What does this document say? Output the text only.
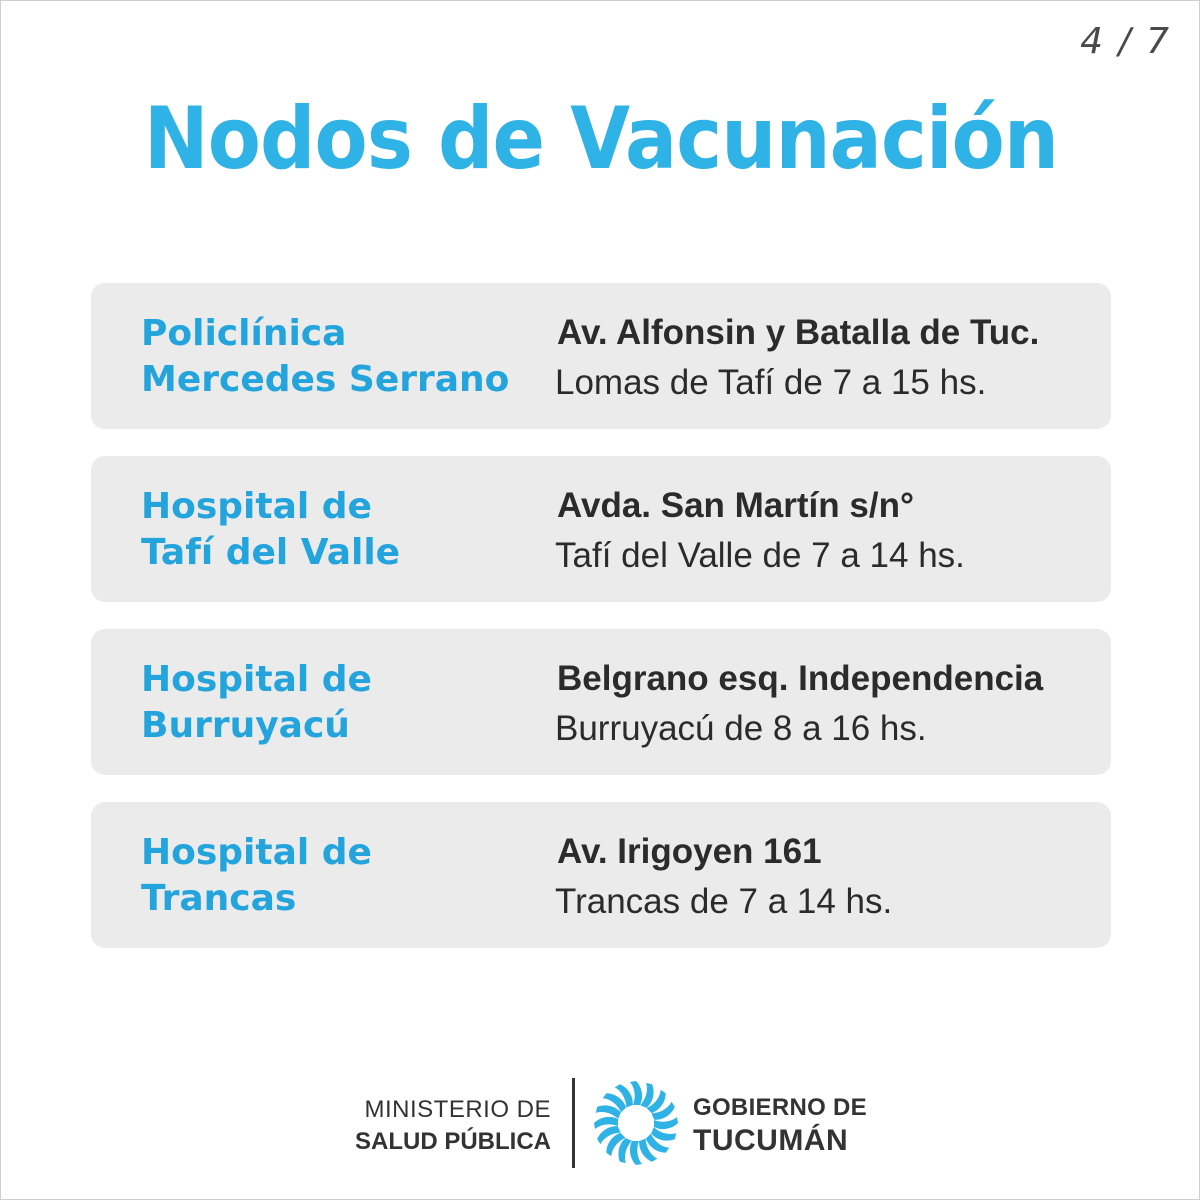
4 / 7
Nodos de Vacunación
Policlínica
Mercedes Serrano
Av. Alfonsin y Batalla de Tuc.
Lomas de Tafí de 7 a 15 hs.
Hospital de
Tafí del Valle
Avda. San Martín s/n°
Tafí del Valle de 7 a 14 hs.
Hospital de
Burruyacú
Belgrano esq. Independencia
Burruyacú de 8 a 16 hs.
Hospital de
Trancas
Av. Irigoyen 161
Trancas de 7 a 14 hs.
MINISTERIO DE
SALUD PÚBLICA
GOBIERNO DE
TUCUMÁN
